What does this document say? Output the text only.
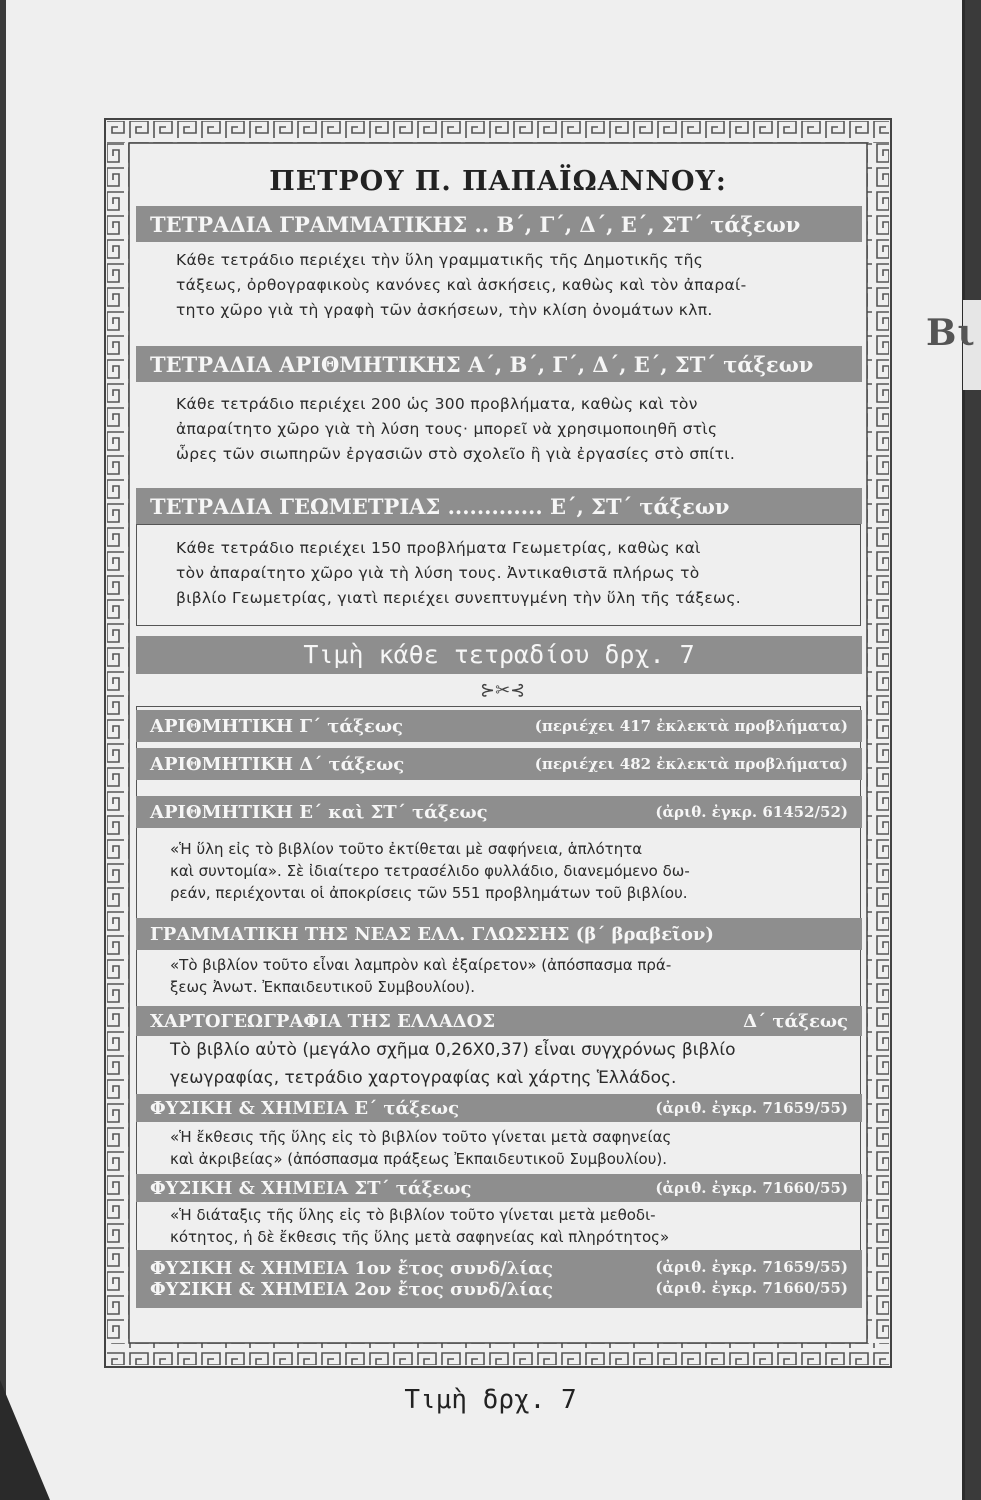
Βι
ΠΕΤΡΟΥ Π. ΠΑΠΑΪΩΑΝΝΟΥ:
ΤΕΤΡΑΔΙΑ ΓΡΑΜΜΑΤΙΚΗΣ .. Β΄, Γ΄, Δ΄, Ε΄, ΣΤ΄ τάξεων
Κάθε τετράδιο περιέχει τὴν ὕλη γραμματικῆς τῆς Δημοτικῆς τῆς
τάξεως, ὀρθογραφικοὺς κανόνες καὶ ἀσκήσεις, καθὼς καὶ τὸν ἀπαραί-
τητο χῶρο γιὰ τὴ γραφὴ τῶν ἀσκήσεων, τὴν κλίση ὀνομάτων κλπ.
ΤΕΤΡΑΔΙΑ ΑΡΙΘΜΗΤΙΚΗΣ Α΄, Β΄, Γ΄, Δ΄, Ε΄, ΣΤ΄ τάξεων
Κάθε τετράδιο περιέχει 200 ὡς 300 προβλήματα, καθὼς καὶ τὸν
ἀπαραίτητο χῶρο γιὰ τὴ λύση τους· μπορεῖ νὰ χρησιμοποιηθῆ στὶς
ὧρες τῶν σιωπηρῶν ἐργασιῶν στὸ σχολεῖο ἢ γιὰ ἐργασίες στὸ σπίτι.
ΤΕΤΡΑΔΙΑ ΓΕΩΜΕΤΡΙΑΣ ............. Ε΄, ΣΤ΄ τάξεων
Κάθε τετράδιο περιέχει 150 προβλήματα Γεωμετρίας, καθὼς καὶ
τὸν ἀπαραίτητο χῶρο γιὰ τὴ λύση τους. Ἀντικαθιστᾶ πλήρως τὸ
βιβλίο Γεωμετρίας, γιατὶ περιέχει συνεπτυγμένη τὴν ὕλη τῆς τάξεως.
Τιμὴ κάθε τετραδίου δρχ. 7
⊱✂⊰
ΑΡΙΘΜΗΤΙΚΗ Γ΄ τάξεως	(περιέχει 417 ἐκλεκτὰ προβλήματα)
ΑΡΙΘΜΗΤΙΚΗ Δ΄ τάξεως	(περιέχει 482 ἐκλεκτὰ προβλήματα)
ΑΡΙΘΜΗΤΙΚΗ Ε΄ καὶ ΣΤ΄ τάξεως	(ἀριθ. ἐγκρ. 61452/52)
«Ἡ ὕλη εἰς τὸ βιβλίον τοῦτο ἐκτίθεται μὲ σαφήνεια, ἁπλότητα
καὶ συντομία». Σὲ ἰδιαίτερο τετρασέλιδο φυλλάδιο, διανεμόμενο δω-
ρεάν, περιέχονται οἱ ἀποκρίσεις τῶν 551 προβλημάτων τοῦ βιβλίου.
ΓΡΑΜΜΑΤΙΚΗ ΤΗΣ ΝΕΑΣ ΕΛΛ. ΓΛΩΣΣΗΣ (β΄ βραβεῖον)
«Τὸ βιβλίον τοῦτο εἶναι λαμπρὸν καὶ ἐξαίρετον» (ἀπόσπασμα πρά-
ξεως Ἀνωτ. Ἐκπαιδευτικοῦ Συμβουλίου).
ΧΑΡΤΟΓΕΩΓΡΑΦΙΑ ΤΗΣ ΕΛΛΑΔΟΣ	Δ΄ τάξεως
Τὸ βιβλίο αὐτὸ (μεγάλο σχῆμα 0,26Χ0,37) εἶναι συγχρόνως βιβλίο
γεωγραφίας, τετράδιο χαρτογραφίας καὶ χάρτης Ἑλλάδος.
ΦΥΣΙΚΗ & ΧΗΜΕΙΑ Ε΄ τάξεως	(ἀριθ. ἐγκρ. 71659/55)
«Ἡ ἔκθεσις τῆς ὕλης εἰς τὸ βιβλίον τοῦτο γίνεται μετὰ σαφηνείας
καὶ ἀκριβείας» (ἀπόσπασμα πράξεως Ἐκπαιδευτικοῦ Συμβουλίου).
ΦΥΣΙΚΗ & ΧΗΜΕΙΑ ΣΤ΄ τάξεως	(ἀριθ. ἐγκρ. 71660/55)
«Ἡ διάταξις τῆς ὕλης εἰς τὸ βιβλίον τοῦτο γίνεται μετὰ μεθοδι-
κότητος, ἡ δὲ ἔκθεσις τῆς ὕλης μετὰ σαφηνείας καὶ πληρότητος»
ΦΥΣΙΚΗ & ΧΗΜΕΙΑ 1ον ἔτος συνδ/λίας	(ἀριθ. ἐγκρ. 71659/55)
ΦΥΣΙΚΗ & ΧΗΜΕΙΑ 2ον ἔτος συνδ/λίας	(ἀριθ. ἐγκρ. 71660/55)
Τιμὴ δρχ. 7
